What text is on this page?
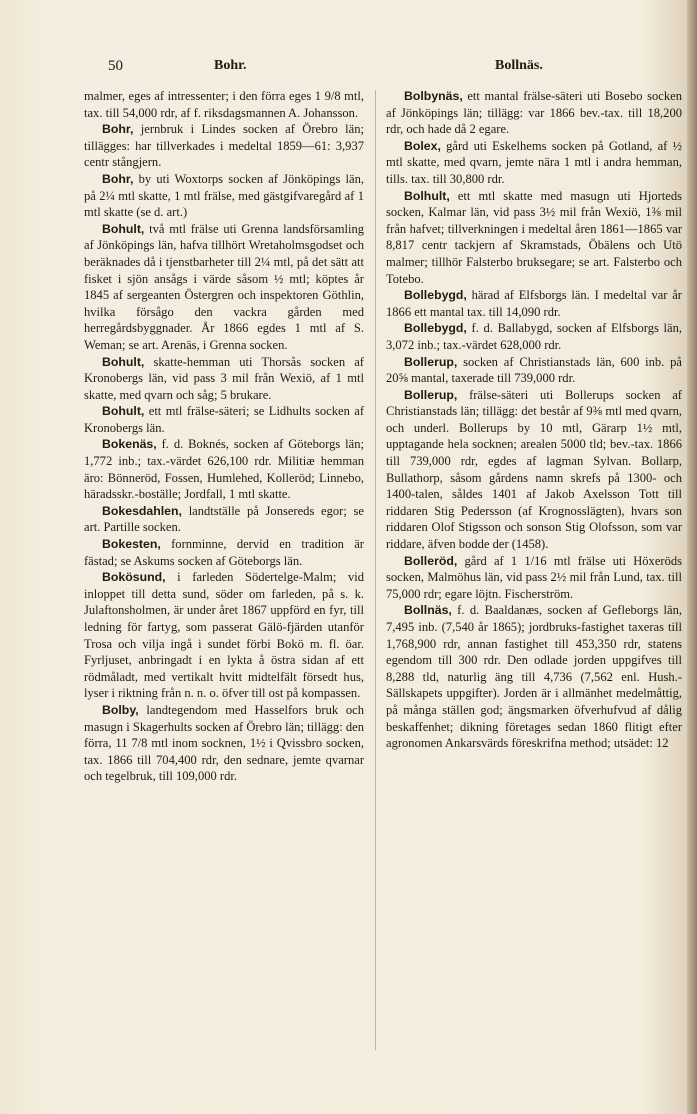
50	Bohr.	Bollnäs.

malmer, eges af intressenter; i den förra eges 1 9/8 mtl, tax. till 54,000 rdr, af f. riksdagsmannen A. Johansson.

Bohr, jernbruk i Lindes socken af Örebro län; tillägges: har tillverkades i medeltal 1859—61: 3,937 centr stångjern.

Bohr, by uti Woxtorps socken af Jönköpings län, på 2¼ mtl skatte, 1 mtl frälse, med gästgifvaregård af 1 mtl skatte (se d. art.)

Bohult, två mtl frälse uti Grenna landsförsamling af Jönköpings län, hafva tillhört Wretaholmsgodset och beräknades då i tjenstbarheter till 2¼ mtl, på det sätt att fisket i sjön ansågs i värde såsom ½ mtl; köptes år 1845 af sergeanten Östergren och inspektoren Göthlin, hvilka försågo den vackra gården med herregårdsbyggnader. År 1866 egdes 1 mtl af S. Weman; se art. Arenäs, i Grenna socken.

Bohult, skatte-hemman uti Thorsås socken af Kronobergs län, vid pass 3 mil från Wexiö, af 1 mtl skatte, med qvarn och såg; 5 brukare.

Bohult, ett mtl frälse-säteri; se Lidhults socken af Kronobergs län.

Bokenäs, f. d. Boknés, socken af Göteborgs län; 1,772 inb.; tax.-värdet 626,100 rdr. Militiæ hemman äro: Bönneröd, Fossen, Humlehed, Kolleröd; Linnebo, häradsskr.-boställe; Jordfall, 1 mtl skatte.

Bokesdahlen, landtställe på Jonsereds egor; se art. Partille socken.

Bokesten, fornminne, dervid en tradition är fästad; se Askums socken af Göteborgs län.

Bokösund, i farleden Södertelge-Malm; vid inloppet till detta sund, söder om farleden, på s. k. Julaftonsholmen, är under året 1867 uppförd en fyr, till ledning för fartyg, som passerat Gälö-fjärden utanför Trosa och vilja ingå i sundet förbi Bokö m. fl. öar. Fyrljuset, anbringadt i en lykta å östra sidan af ett rödmåladt, med vertikalt hvitt midtelfält försedt hus, lyser i riktning från n. n. o. öfver till ost på kompassen.

Bolby, landtegendom med Hasselfors bruk och masugn i Skagerhults socken af Örebro län; tillägg: den förra, 11 7/8 mtl inom socknen, 1½ i Qvissbro socken, tax. 1866 till 704,400 rdr, den sednare, jemte qvarnar och tegelbruk, till 109,000 rdr.

Bolbynäs, ett mantal frälse-säteri uti Bosebo socken af Jönköpings län; tillägg: var 1866 bev.-tax. till 18,200 rdr, och hade då 2 egare.

Bolex, gård uti Eskelhems socken på Gotland, af ½ mtl skatte, med qvarn, jemte nära 1 mtl i andra hemman, tills. tax. till 30,800 rdr.

Bolhult, ett mtl skatte med masugn uti Hjorteds socken, Kalmar län, vid pass 3½ mil från Wexiö, 1⅜ mil från hafvet; tillverkningen i medeltal åren 1861—1865 var 8,817 centr tackjern af Skramstads, Öbälens och Utö malmer; tillhör Falsterbo bruksegare; se art. Falsterbo och Totebo.

Bollebygd, härad af Elfsborgs län. I medeltal var år 1866 ett mantal tax. till 14,090 rdr.

Bollebygd, f. d. Ballabygd, socken af Elfsborgs län, 3,072 inb.; tax.-värdet 628,000 rdr.

Bollerup, socken af Christianstads län, 600 inb. på 20⅝ mantal, taxerade till 739,000 rdr.

Bollerup, frälse-säteri uti Bollerups socken af Christianstads län; tillägg: det består af 9⅜ mtl med qvarn, och underl. Bollerups by 10 mtl, Gärarp 1½ mtl, upptagande hela socknen; arealen 5000 tld; bev.-tax. 1866 till 739,000 rdr, egdes af lagman Sylvan. Bollarp, Bullathorp, såsom gårdens namn skrefs på 1300- och 1400-talen, såldes 1401 af Jakob Axelsson Tott till riddaren Stig Pedersson (af Krognosslägten), hvars son riddaren Olof Stigsson och sonson Stig Olofsson, som var riddare, äfven bodde der (1458).

Bolleröd, gård af 1 1/16 mtl frälse uti Höxeröds socken, Malmöhus län, vid pass 2½ mil från Lund, tax. till 75,000 rdr; egare löjtn. Fischerström.

Bollnäs, f. d. Baaldanæs, socken af Gefleborgs län, 7,495 inb. (7,540 år 1865); jordbruks-fastighet taxeras till 1,768,900 rdr, annan fastighet till 453,350 rdr, statens egendom till 300 rdr. Den odlade jorden uppgifves till 8,288 tld, naturlig äng till 4,736 (7,562 enl. Hush.-Sällskapets uppgifter). Jorden är i allmänhet medelmåttig, på många ställen god; ängsmarken öfverhufvud af dålig beskaffenhet; dikning företages sedan 1860 flitigt efter agronomen Ankarsvärds föreskrifna method; utsädet: 12
